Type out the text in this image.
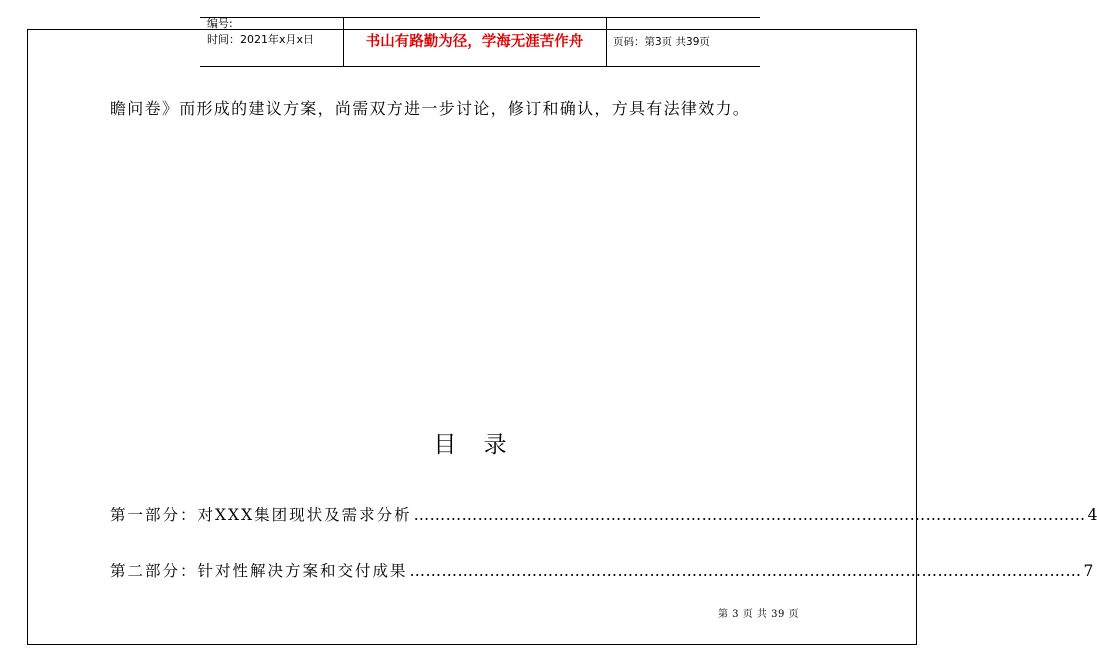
编号:
时间：2021年x月x日	书山有路勤为径，学海无涯苦作舟	页码：第3页 共39页
瞻问卷》而形成的建议方案，尚需双方进一步讨论，修订和确认，方具有法律效力。
目 录
第一部分：对XXX集团现状及需求分析 ……………………………………………………………………………………………………………… 4
第二部分：针对性解决方案和交付成果 ……………………………………………………………………………………………………………… 7
第 3 页 共 39 页
